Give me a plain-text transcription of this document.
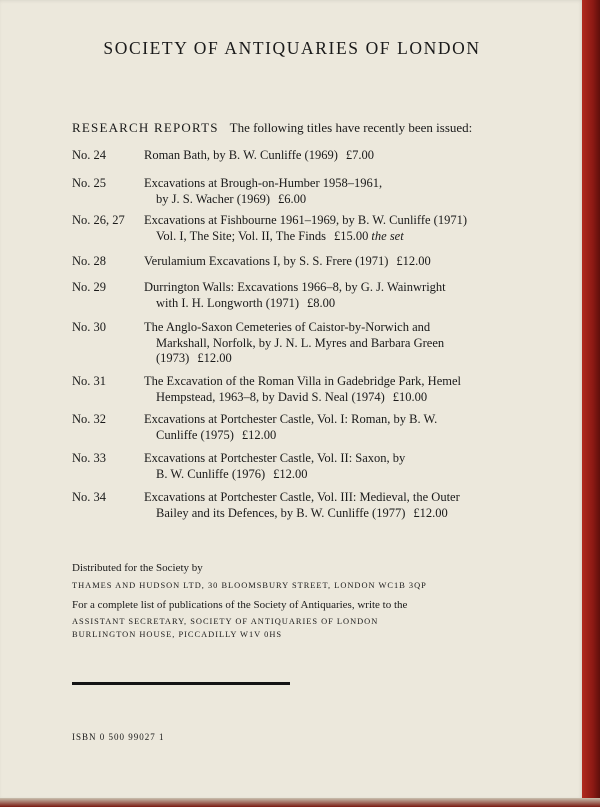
SOCIETY OF ANTIQUARIES OF LONDON
RESEARCH REPORTS The following titles have recently been issued:
No. 24	Roman Bath, by B. W. Cunliffe (1969) £7.00
No. 25	Excavations at Brough-on-Humber 1958–1961,
by J. S. Wacher (1969) £6.00
No. 26, 27	Excavations at Fishbourne 1961–1969, by B. W. Cunliffe (1971)
Vol. I, The Site; Vol. II, The Finds £15.00 the set
No. 28	Verulamium Excavations I, by S. S. Frere (1971) £12.00
No. 29	Durrington Walls: Excavations 1966–8, by G. J. Wainwright
with I. H. Longworth (1971) £8.00
No. 30	The Anglo-Saxon Cemeteries of Caistor-by-Norwich and
Markshall, Norfolk, by J. N. L. Myres and Barbara Green
(1973) £12.00
No. 31	The Excavation of the Roman Villa in Gadebridge Park, Hemel
Hempstead, 1963–8, by David S. Neal (1974) £10.00
No. 32	Excavations at Portchester Castle, Vol. I: Roman, by B. W.
Cunliffe (1975) £12.00
No. 33	Excavations at Portchester Castle, Vol. II: Saxon, by
B. W. Cunliffe (1976) £12.00
No. 34	Excavations at Portchester Castle, Vol. III: Medieval, the Outer
Bailey and its Defences, by B. W. Cunliffe (1977) £12.00
Distributed for the Society by
THAMES AND HUDSON LTD, 30 BLOOMSBURY STREET, LONDON WC1B 3QP
For a complete list of publications of the Society of Antiquaries, write to the
ASSISTANT SECRETARY, SOCIETY OF ANTIQUARIES OF LONDON
BURLINGTON HOUSE, PICCADILLY W1V 0HS
ISBN 0 500 99027 1
